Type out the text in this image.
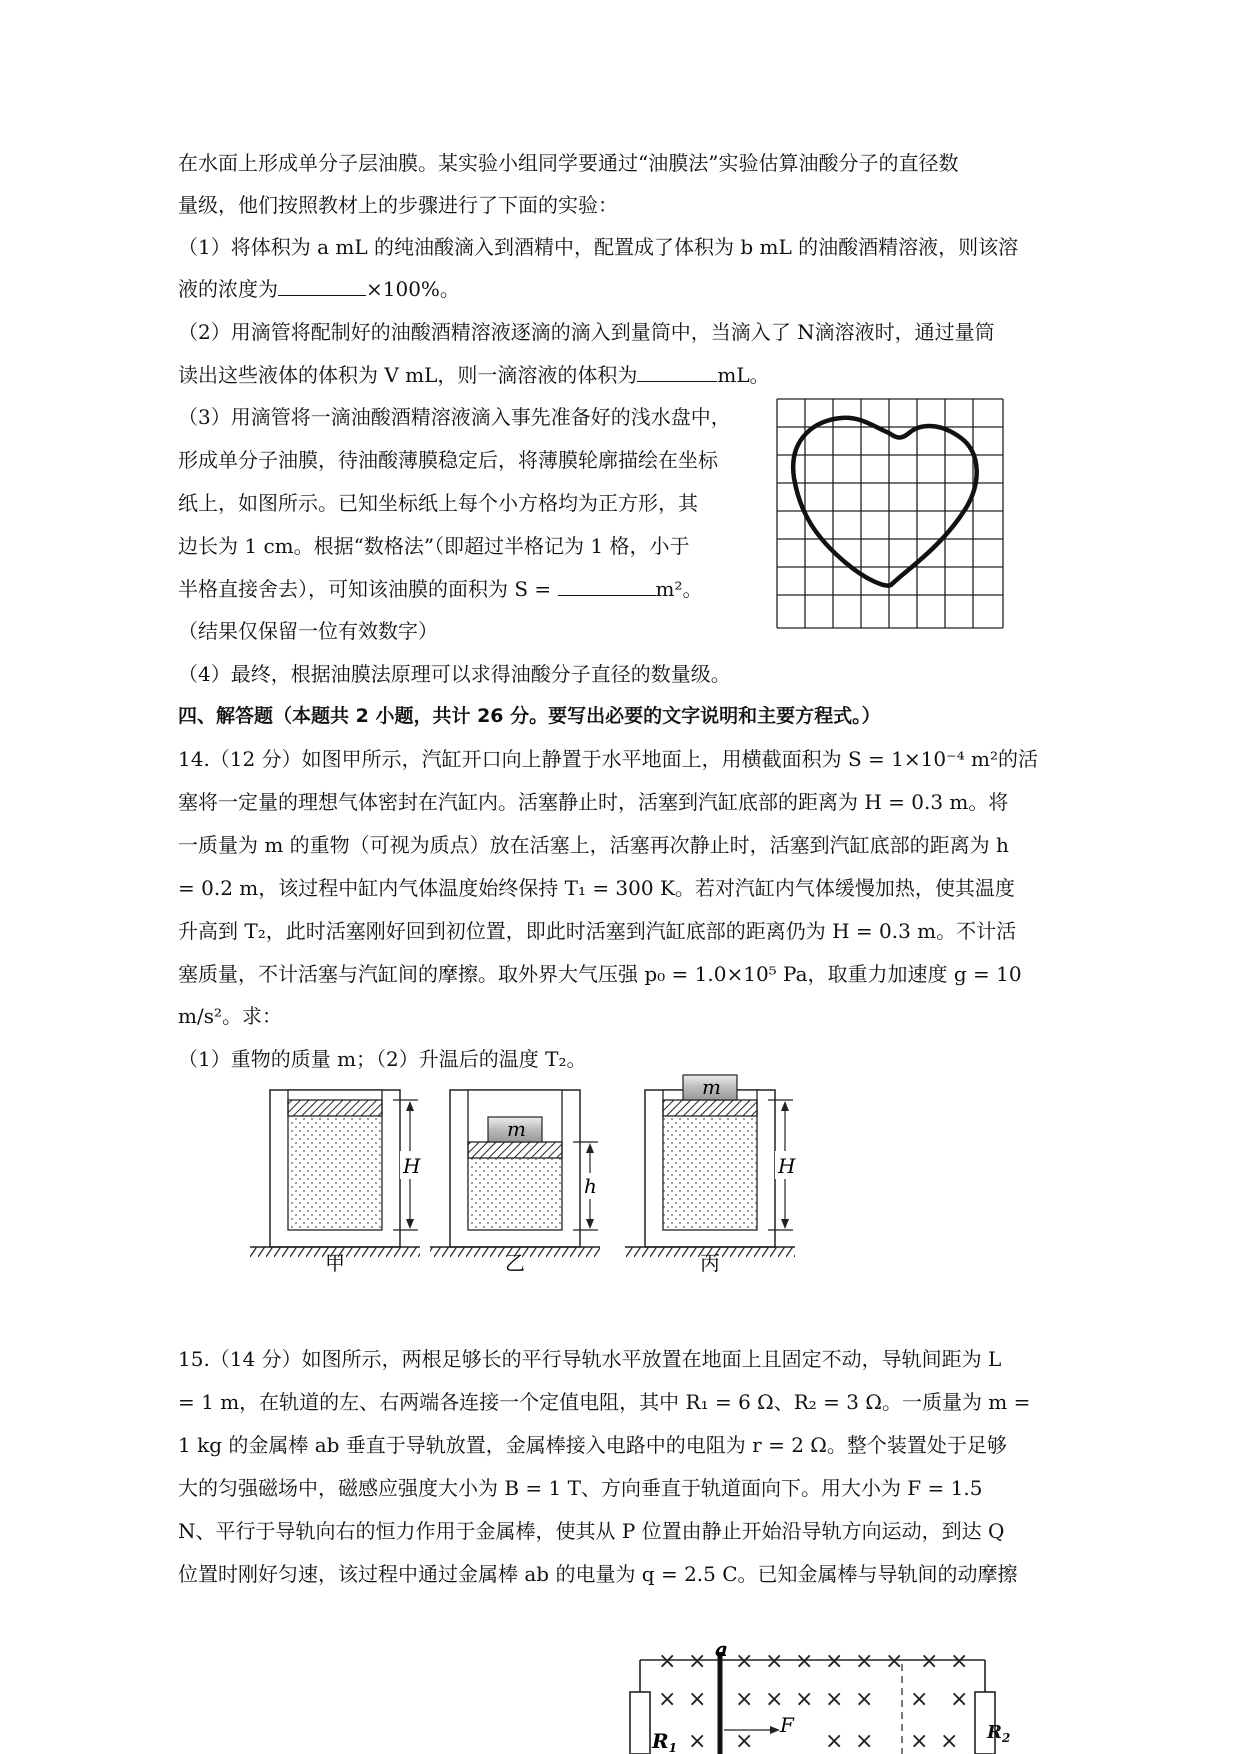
在水面上形成单分子层油膜。某实验小组同学要通过“油膜法”实验估算油酸分子的直径数
量级，他们按照教材上的步骤进行了下面的实验：
（1）将体积为 a mL 的纯油酸滴入到酒精中，配置成了体积为 b mL 的油酸酒精溶液，则该溶
液的浓度为	×100%。
（2）用滴管将配制好的油酸酒精溶液逐滴的滴入到量筒中，当滴入了 N滴溶液时，通过量筒
读出这些液体的体积为 V mL，则一滴溶液的体积为	mL。
（3）用滴管将一滴油酸酒精溶液滴入事先准备好的浅水盘中，
形成单分子油膜，待油酸薄膜稳定后，将薄膜轮廓描绘在坐标
纸上，如图所示。已知坐标纸上每个小方格均为正方形，其
边长为 1 cm。根据“数格法”（即超过半格记为 1 格，小于
半格直接舍去），可知该油膜的面积为 S =	m²。
（结果仅保留一位有效数字）
（4）最终，根据油膜法原理可以求得油酸分子直径的数量级。
四、解答题（本题共 2 小题，共计 26 分。要写出必要的文字说明和主要方程式。）
14.（12 分）如图甲所示，汽缸开口向上静置于水平地面上，用横截面积为 S = 1×10⁻⁴ m²的活
塞将一定量的理想气体密封在汽缸内。活塞静止时，活塞到汽缸底部的距离为 H = 0.3 m。将
一质量为 m 的重物（可视为质点）放在活塞上，活塞再次静止时，活塞到汽缸底部的距离为 h
= 0.2 m，该过程中缸内气体温度始终保持 T₁ = 300 K。若对汽缸内气体缓慢加热，使其温度
升高到 T₂，此时活塞刚好回到初位置，即此时活塞到汽缸底部的距离仍为 H = 0.3 m。不计活
塞质量，不计活塞与汽缸间的摩擦。取外界大气压强 p₀ = 1.0×10⁵ Pa，取重力加速度 g = 10
m/s²。求：
（1）重物的质量 m；（2）升温后的温度 T₂。
15.（14 分）如图所示，两根足够长的平行导轨水平放置在地面上且固定不动，导轨间距为 L
= 1 m，在轨道的左、右两端各连接一个定值电阻，其中 R₁ = 6 Ω、R₂ = 3 Ω。一质量为 m =
1 kg 的金属棒 ab 垂直于导轨放置，金属棒接入电路中的电阻为 r = 2 Ω。整个装置处于足够
大的匀强磁场中，磁感应强度大小为 B = 1 T、方向垂直于轨道面向下。用大小为 F = 1.5
N、平行于导轨向右的恒力作用于金属棒，使其从 P 位置由静止开始沿导轨方向运动，到达 Q
位置时刚好匀速，该过程中通过金属棒 ab 的电量为 q = 2.5 C。已知金属棒与导轨间的动摩擦
H
甲
m
h
乙
m
H
丙
a
F
$R_1$
× × × × × × × × × ×
× × × × × × × × ×
× ×	× × × × $R_2$
